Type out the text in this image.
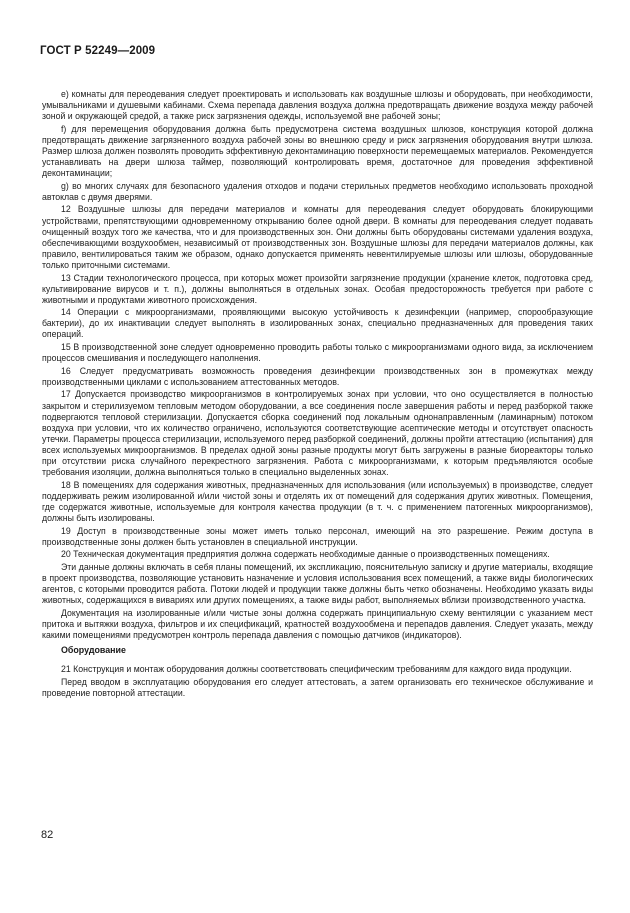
ГОСТ Р 52249—2009

е) комнаты для переодевания следует проектировать и использовать как воздушные шлюзы и оборудовать, при необходимости, умывальниками и душевыми кабинами. Схема перепада давления воздуха должна предотвращать движение воздуха между рабочей зоной и окружающей средой, а также риск загрязнения одежды, используемой вне рабочей зоны;

f) для перемещения оборудования должна быть предусмотрена система воздушных шлюзов, конструкция которой должна предотвращать движение загрязненного воздуха рабочей зоны во внешнюю среду и риск загрязнения оборудования внутри шлюза. Размер шлюза должен позволять проводить эффективную деконтаминацию поверхности перемещаемых материалов. Рекомендуется устанавливать на двери шлюза таймер, позволяющий контролировать время, достаточное для проведения эффективной деконтаминации;

g) во многих случаях для безопасного удаления отходов и подачи стерильных предметов необходимо использовать проходной автоклав с двумя дверями.

12 Воздушные шлюзы для передачи материалов и комнаты для переодевания следует оборудовать блокирующими устройствами, препятствующими одновременному открыванию более одной двери. В комнаты для переодевания следует подавать очищенный воздух того же качества, что и для производственных зон. Они должны быть оборудованы системами удаления воздуха, обеспечивающими воздухообмен, независимый от производственных зон. Воздушные шлюзы для передачи материалов должны, как правило, вентилироваться таким же образом, однако допускается применять невентилируемые шлюзы или шлюзы, оборудованные только приточными системами.

13 Стадии технологического процесса, при которых может произойти загрязнение продукции (хранение клеток, подготовка сред, культивирование вирусов и т. п.), должны выполняться в отдельных зонах. Особая предосторожность требуется при работе с животными и продуктами животного происхождения.

14 Операции с микроорганизмами, проявляющими высокую устойчивость к дезинфекции (например, спорообразующие бактерии), до их инактивации следует выполнять в изолированных зонах, специально предназначенных для проведения таких операций.

15 В производственной зоне следует одновременно проводить работы только с микроорганизмами одного вида, за исключением процессов смешивания и последующего наполнения.

16 Следует предусматривать возможность проведения дезинфекции производственных зон в промежутках между производственными циклами с использованием аттестованных методов.

17 Допускается производство микроорганизмов в контролируемых зонах при условии, что оно осуществляется в полностью закрытом и стерилизуемом тепловым методом оборудовании, а все соединения после завершения работы и перед разборкой также подвергаются тепловой стерилизации. Допускается сборка соединений под локальным однонаправленным (ламинарным) потоком воздуха при условии, что их количество ограничено, используются соответствующие асептические методы и отсутствует опасность утечки. Параметры процесса стерилизации, используемого перед разборкой соединений, должны пройти аттестацию (испытания) для всех используемых микроорганизмов. В пределах одной зоны разные продукты могут быть загружены в разные биореакторы только при отсутствии риска случайного перекрестного загрязнения. Работа с микроорганизмами, к которым предъявляются особые требования изоляции, должна выполняться только в специально выделенных зонах.

18 В помещениях для содержания животных, предназначенных для использования (или используемых) в производстве, следует поддерживать режим изолированной и/или чистой зоны и отделять их от помещений для содержания других животных. Помещения, где содержатся животные, используемые для контроля качества продукции (в т. ч. с применением патогенных микроорганизмов), должны быть изолированы.

19 Доступ в производственные зоны может иметь только персонал, имеющий на это разрешение. Режим доступа в производственные зоны должен быть установлен в специальной инструкции.

20 Техническая документация предприятия должна содержать необходимые данные о производственных помещениях.

Эти данные должны включать в себя планы помещений, их экспликацию, пояснительную записку и другие материалы, входящие в проект производства, позволяющие установить назначение и условия использования всех помещений, а также виды биологических агентов, с которыми проводится работа. Потоки людей и продукции также должны быть четко обозначены. Необходимо указать виды животных, содержащихся в вивариях или других помещениях, а также виды работ, выполняемых вблизи производственного участка.

Документация на изолированные и/или чистые зоны должна содержать принципиальную схему вентиляции с указанием мест притока и вытяжки воздуха, фильтров и их спецификаций, кратностей воздухообмена и перепадов давления. Следует указать, между какими помещениями предусмотрен контроль перепада давления с помощью датчиков (индикаторов).

Оборудование

21 Конструкция и монтаж оборудования должны соответствовать специфическим требованиям для каждого вида продукции.

Перед вводом в эксплуатацию оборудования его следует аттестовать, а затем организовать его техническое обслуживание и проведение повторной аттестации.

82
